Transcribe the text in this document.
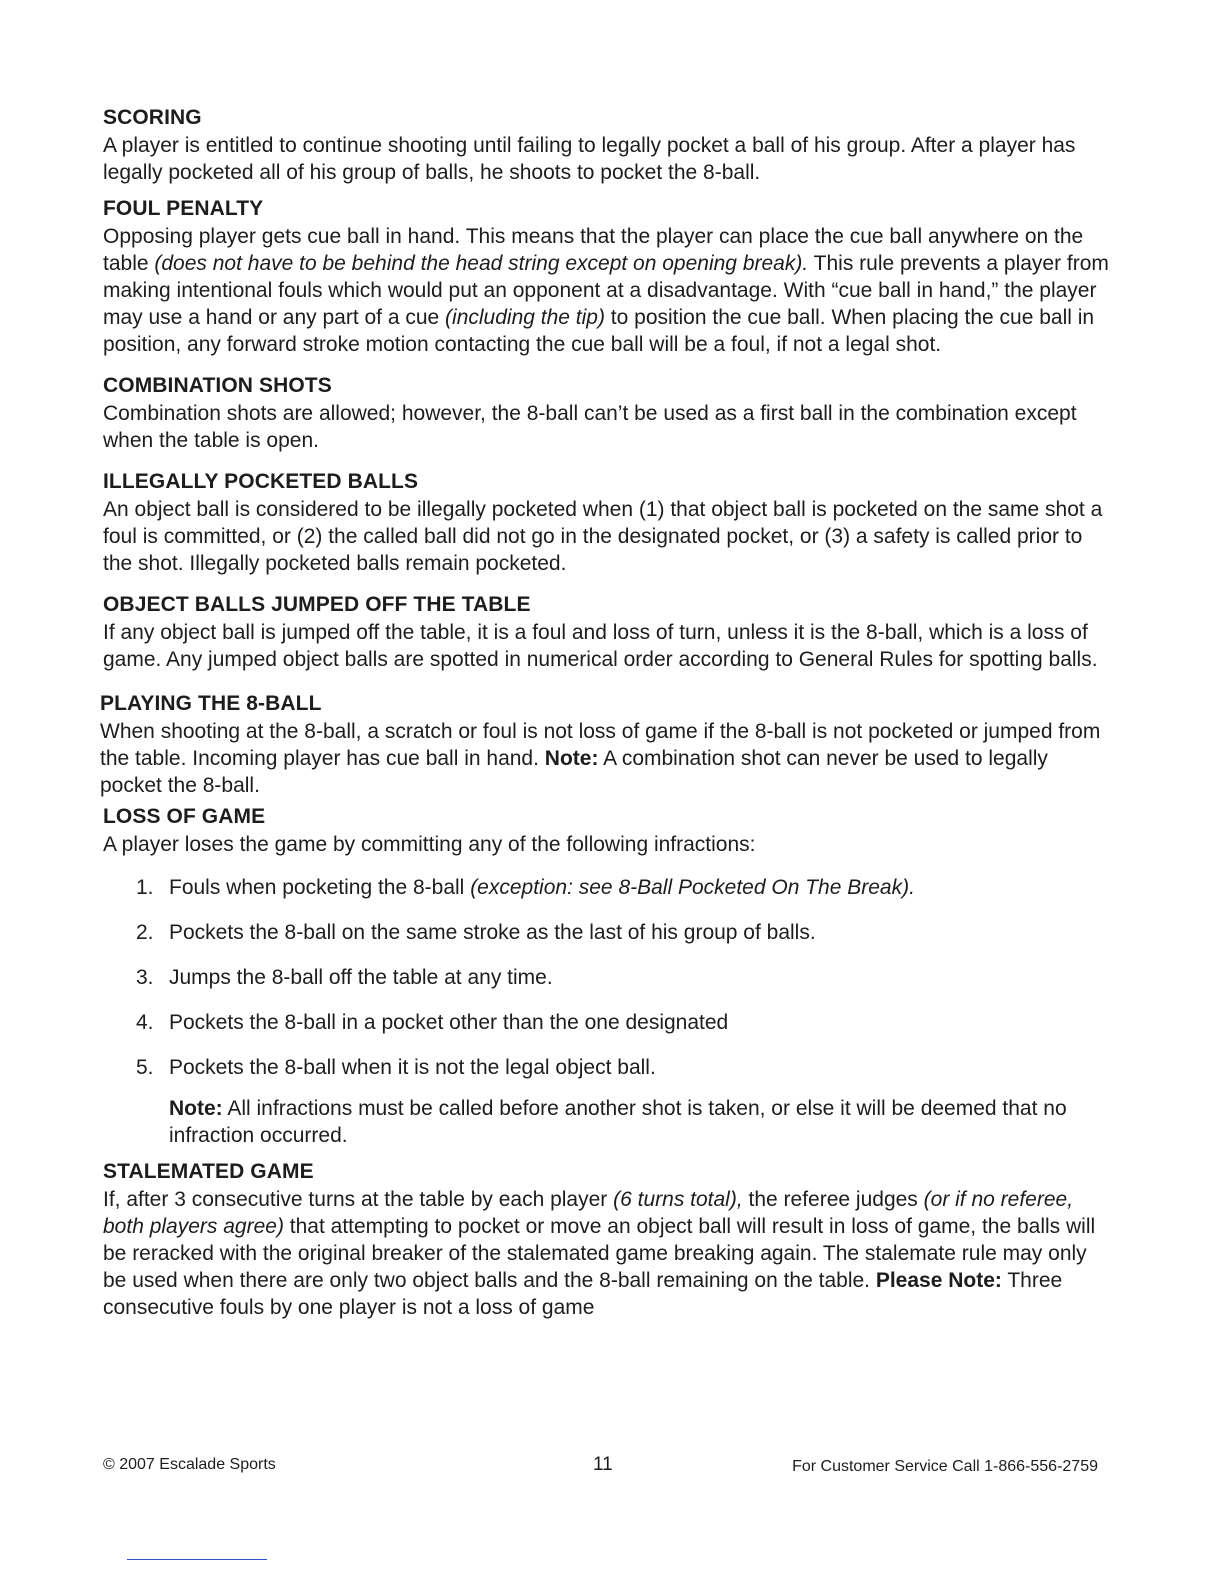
SCORING

A player is entitled to continue shooting until failing to legally pocket a ball of his group. After a player has legally pocketed all of his group of balls, he shoots to pocket the 8-ball.

FOUL PENALTY

Opposing player gets cue ball in hand. This means that the player can place the cue ball anywhere on the table (does not have to be behind the head string except on opening break). This rule prevents a player from making intentional fouls which would put an opponent at a disadvantage. With “cue ball in hand,” the player may use a hand or any part of a cue (including the tip) to position the cue ball. When placing the cue ball in position, any forward stroke motion contacting the cue ball will be a foul, if not a legal shot.

COMBINATION SHOTS

Combination shots are allowed; however, the 8-ball can’t be used as a first ball in the combination except when the table is open.

ILLEGALLY POCKETED BALLS

An object ball is considered to be illegally pocketed when (1) that object ball is pocketed on the same shot a foul is committed, or (2) the called ball did not go in the designated pocket, or (3) a safety is called prior to the shot. Illegally pocketed balls remain pocketed.

OBJECT BALLS JUMPED OFF THE TABLE

If any object ball is jumped off the table, it is a foul and loss of turn, unless it is the 8-ball, which is a loss of game. Any jumped object balls are spotted in numerical order according to General Rules for spotting balls.

PLAYING THE 8-BALL

When shooting at the 8-ball, a scratch or foul is not loss of game if the 8-ball is not pocketed or jumped from the table. Incoming player has cue ball in hand. Note: A combination shot can never be used to legally pocket the 8-ball.

LOSS OF GAME

A player loses the game by committing any of the following infractions:

1. Fouls when pocketing the 8-ball (exception: see 8-Ball Pocketed On The Break).
2. Pockets the 8-ball on the same stroke as the last of his group of balls.
3. Jumps the 8-ball off the table at any time.
4. Pockets the 8-ball in a pocket other than the one designated
5. Pockets the 8-ball when it is not the legal object ball.

Note: All infractions must be called before another shot is taken, or else it will be deemed that no infraction occurred.

STALEMATED GAME

If, after 3 consecutive turns at the table by each player (6 turns total), the referee judges (or if no referee, both players agree) that attempting to pocket or move an object ball will result in loss of game, the balls will be reracked with the original breaker of the stalemated game breaking again. The stalemate rule may only be used when there are only two object balls and the 8-ball remaining on the table. Please Note: Three consecutive fouls by one player is not a loss of game

© 2007 Escalade Sports	11	For Customer Service Call 1-866-556-2759
